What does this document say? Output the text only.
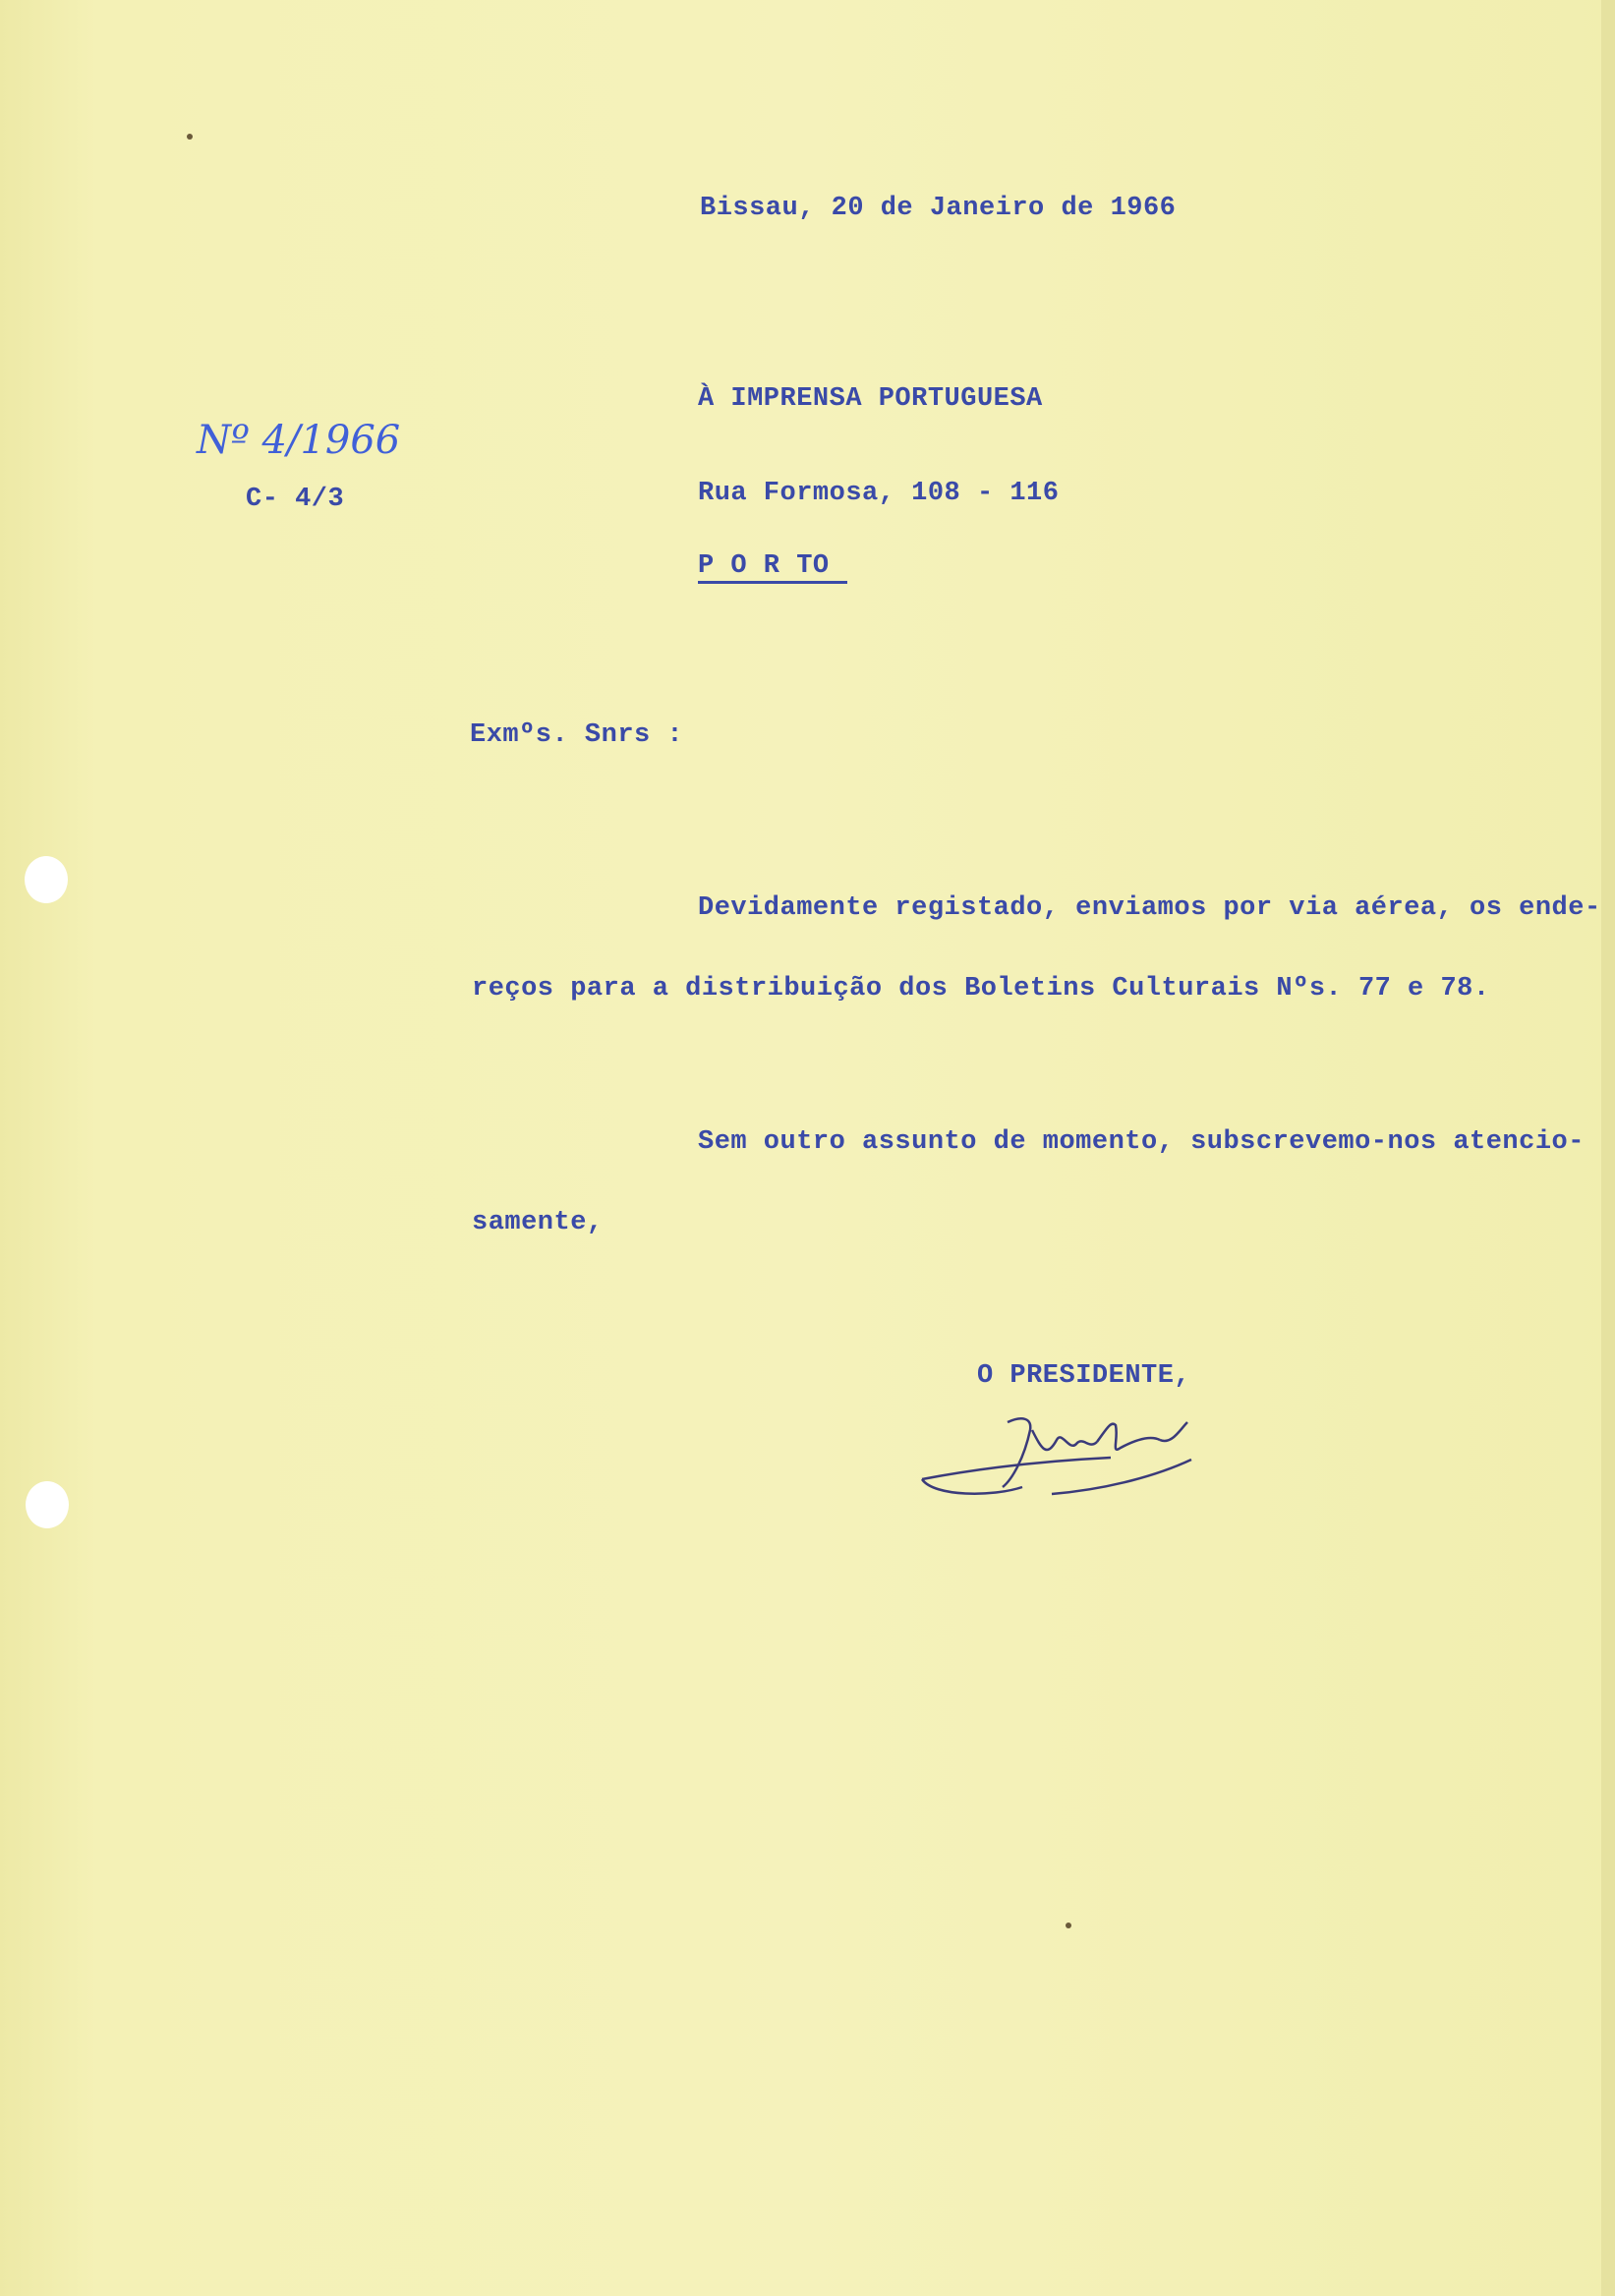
Bissau, 20 de Janeiro de 1966
Nº 4/1966
C- 4/3
À IMPRENSA PORTUGUESA
Rua Formosa, 108 - 116
P O R TO
Exmºs. Snrs :
Devidamente registado, enviamos por via aérea, os ende-
reços para a distribuição dos Boletins Culturais Nºs. 77 e 78.
Sem outro assunto de momento, subscrevemo-nos atencio-
samente,
O PRESIDENTE,
